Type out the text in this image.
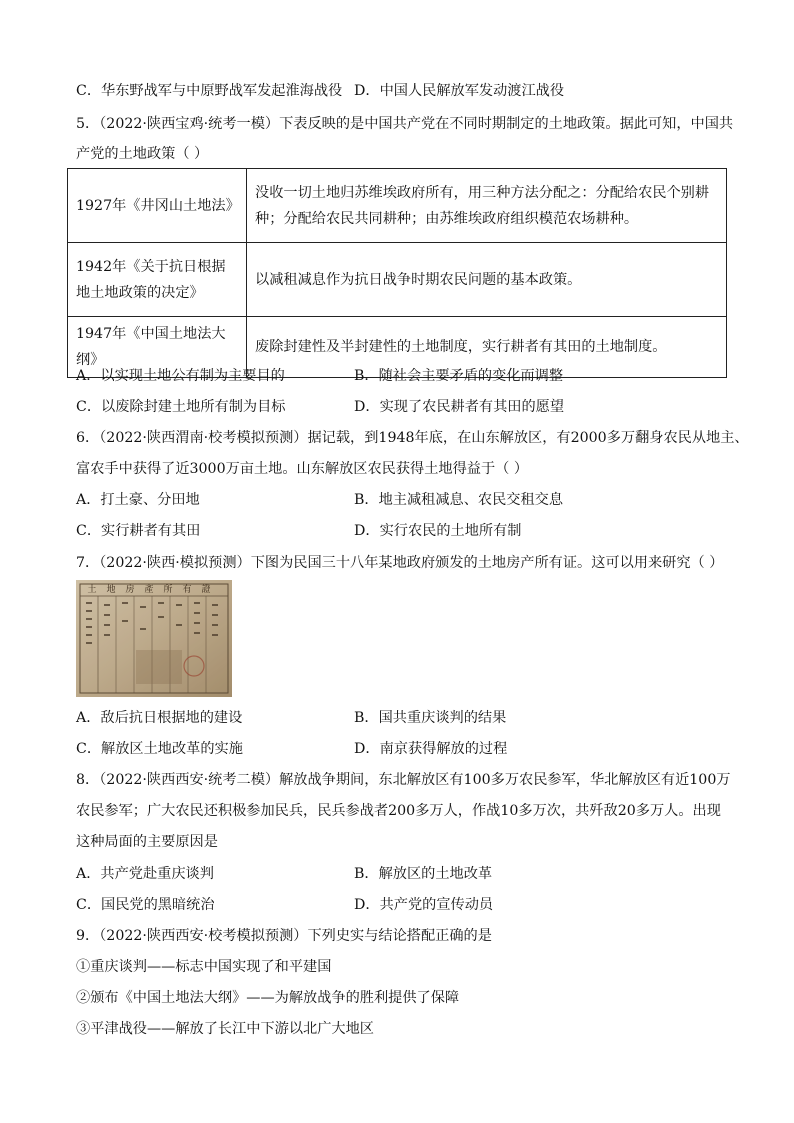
C．华东野战军与中原野战军发起淮海战役 D．中国人民解放军发动渡江战役
5．（2022·陕西宝鸡·统考一模）下表反映的是中国共产党在不同时期制定的土地政策。据此可知，中国共
产党的土地政策（ ）
1927年《井冈山土地法》	没收一切土地归苏维埃政府所有，用三种方法分配之：分配给农民个别耕种；分配给农民共同耕种；由苏维埃政府组织模范农场耕种。
1942年《关于抗日根据地土地政策的决定》	以减租减息作为抗日战争时期农民问题的基本政策。
1947年《中国土地法大纲》	废除封建性及半封建性的土地制度，实行耕者有其田的土地制度。
A．以实现土地公有制为主要目的	B．随社会主要矛盾的变化而调整
C．以废除封建土地所有制为目标	D．实现了农民耕者有其田的愿望
6．（2022·陕西渭南·校考模拟预测）据记载，到1948年底，在山东解放区，有2000多万翻身农民从地主、
富农手中获得了近3000万亩土地。山东解放区农民获得土地得益于（ ）
A．打土豪、分田地	B．地主减租减息、农民交租交息
C．实行耕者有其田	D．实行农民的土地所有制
7．（2022·陕西·模拟预测）下图为民国三十八年某地政府颁发的土地房产所有证。这可以用来研究（ ）
土地房產所有證
A．敌后抗日根据地的建设	B．国共重庆谈判的结果
C．解放区土地改革的实施	D．南京获得解放的过程
8．（2022·陕西西安·统考二模）解放战争期间，东北解放区有100多万农民参军，华北解放区有近100万
农民参军；广大农民还积极参加民兵，民兵参战者200多万人，作战10多万次，共歼敌20多万人。出现
这种局面的主要原因是
A．共产党赴重庆谈判	B．解放区的土地改革
C．国民党的黑暗统治	D．共产党的宣传动员
9．（2022·陕西西安·校考模拟预测）下列史实与结论搭配正确的是
①重庆谈判——标志中国实现了和平建国
②颁布《中国土地法大纲》——为解放战争的胜利提供了保障
③平津战役——解放了长江中下游以北广大地区
